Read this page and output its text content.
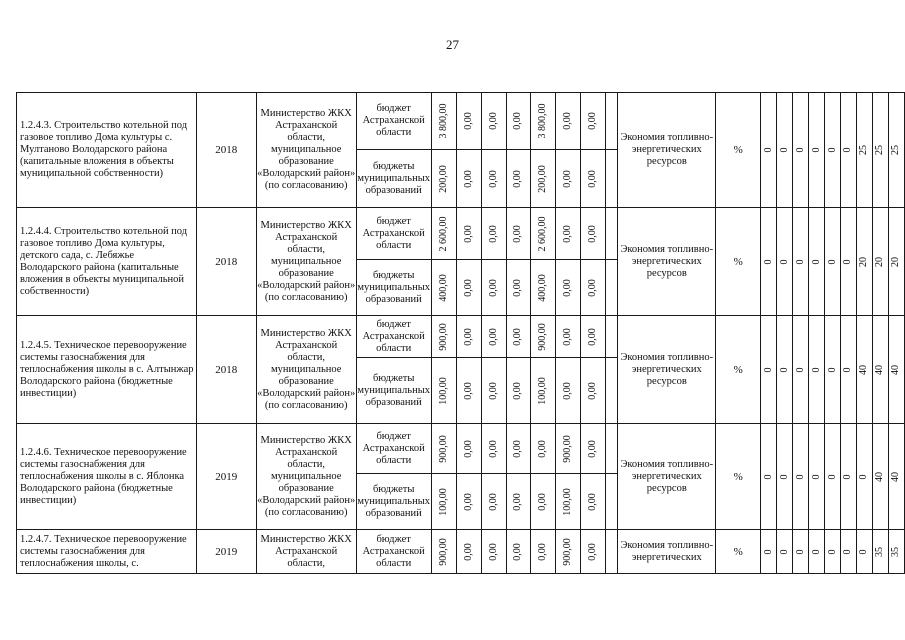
27
1.2.4.3. Строительство котельной под газовое топливо Дома культуры с. Мултаново Володарского района (капитальные вложения в объекты муниципальной собственности)	2018	Министерство ЖКХ Астраханской области, муниципальное образование «Володарский район» (по согласованию)	бюджет Астраханской области	3 800,00	0,00	0,00	0,00	3 800,00	0,00	0,00		Экономия топливно-энергетических ресурсов	%	0	0	0	0	0	0	25	25	25

			бюджеты муниципальных образований	200,00	0,00	0,00	0,00	200,00	0,00	0,00												

1.2.4.4. Строительство котельной под газовое топливо Дома культуры, детского сада, с. Лебяжье Володарского района (капитальные вложения в объекты муниципальной собственности)	2018	Министерство ЖКХ Астраханской области, муниципальное образование «Володарский район» (по согласованию)	бюджет Астраханской области	2 600,00	0,00	0,00	0,00	2 600,00	0,00	0,00		Экономия топливно-энергетических ресурсов	%	0	0	0	0	0	0	20	20	20

			бюджеты муниципальных образований	400,00	0,00	0,00	0,00	400,00	0,00	0,00												

1.2.4.5. Техническое перевооружение системы газоснабжения для теплоснабжения школы в с. Алтынжар Володарского района (бюджетные инвестиции)	2018	Министерство ЖКХ Астраханской области, муниципальное образование «Володарский район» (по согласованию)	бюджет Астраханской области	900,00	0,00	0,00	0,00	900,00	0,00	0,00		Экономия топливно-энергетических ресурсов	%	0	0	0	0	0	0	40	40	40

			бюджеты муниципальных образований	100,00	0,00	0,00	0,00	100,00	0,00	0,00												

1.2.4.6. Техническое перевооружение системы газоснабжения для теплоснабжения школы в с. Яблонка Володарского района (бюджетные инвестиции)	2019	Министерство ЖКХ Астраханской области, муниципальное образование «Володарский район» (по согласованию)	бюджет Астраханской области	900,00	0,00	0,00	0,00	0,00	900,00	0,00		Экономия топливно-энергетических ресурсов	%	0	0	0	0	0	0	0	40	40

			бюджеты муниципальных образований	100,00	0,00	0,00	0,00	0,00	100,00	0,00												

1.2.4.7. Техническое перевооружение системы газоснабжения для теплоснабжения школы, с.	2019	Министерство ЖКХ Астраханской области,	бюджет Астраханской области	900,00	0,00	0,00	0,00	0,00	900,00	0,00		Экономия топливно-энергетических	%	0	0	0	0	0	0	0	35	35
